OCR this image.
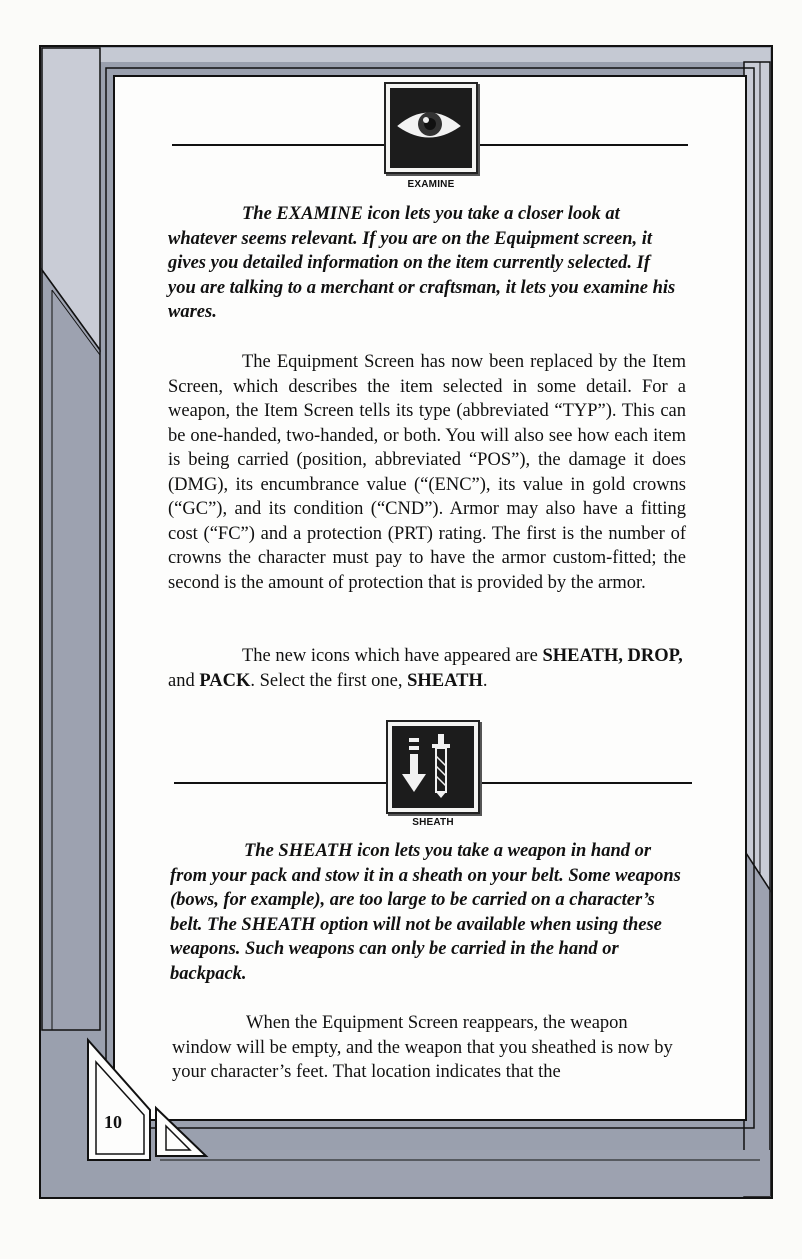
EXAMINE

The EXAMINE icon lets you take a closer look at whatever seems relevant. If you are on the Equipment screen, it gives you detailed information on the item currently selected. If you are talking to a merchant or craftsman, it lets you examine his wares.

The Equipment Screen has now been replaced by the Item Screen, which describes the item selected in some detail. For a weapon, the Item Screen tells its type (abbreviated “TYP”). This can be one-handed, two-handed, or both. You will also see how each item is being carried (position, abbreviated “POS”), the damage it does (DMG), its encumbrance value (“(ENC”), its value in gold crowns (“GC”), and its condition (“CND”). Armor may also have a fitting cost (“FC”) and a protection (PRT) rating. The first is the number of crowns the character must pay to have the armor custom-fitted; the second is the amount of protection that is provided by the armor.

The new icons which have appeared are SHEATH, DROP, and PACK. Select the first one, SHEATH.

SHEATH

The SHEATH icon lets you take a weapon in hand or from your pack and stow it in a sheath on your belt. Some weapons (bows, for example), are too large to be carried on a character’s belt. The SHEATH option will not be available when using these weapons. Such weapons can only be carried in the hand or backpack.

When the Equipment Screen reappears, the weapon window will be empty, and the weapon that you sheathed is now by your character’s feet. That location indicates that the

10
